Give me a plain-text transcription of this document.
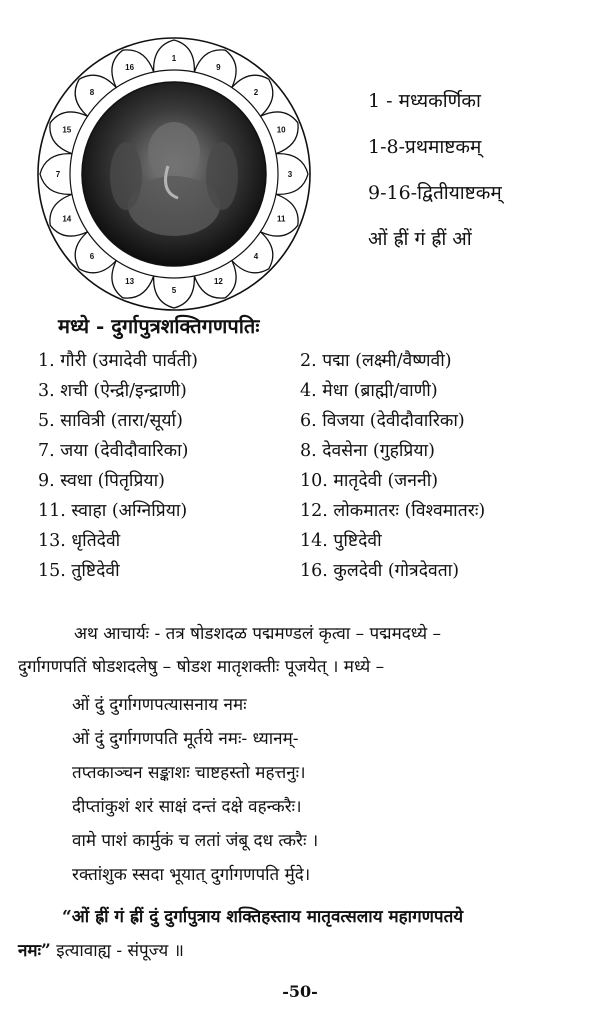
1
9
2
10
3
11
4
12
5
13
6
14
7
15
8
16
1 - मध्यकर्णिका
1-8-प्रथमाष्टकम्
9-16-द्वितीयाष्टकम्
ओं ह्रीं गं ह्रीं ओं
मध्ये - दुर्गापुत्रशक्तिगणपतिः
1. गौरी (उमादेवी पार्वती)	2. पद्मा (लक्ष्मी/वैष्णवी)
3. शची (ऐन्द्री/इन्द्राणी)	4. मेधा (ब्राह्मी/वाणी)
5. सावित्री (तारा/सूर्या)	6. विजया (देवीदौवारिका)
7. जया (देवीदौवारिका)	8. देवसेना (गुहप्रिया)
9. स्वधा (पितृप्रिया)	10. मातृदेवी (जननी)
11. स्वाहा (अग्निप्रिया)	12. लोकमातरः (विश्वमातरः)
13. धृतिदेवी	14. पुष्टिदेवी
15. तुष्टिदेवी	16. कुलदेवी (गोत्रदेवता)
अथ आचार्यः - तत्र षोडशदळ पद्ममण्डलं कृत्वा – पद्ममदध्ये –
दुर्गागणपतिं षोडशदलेषु – षोडश मातृशक्तीः पूजयेत् । मध्ये –
ओं दुं दुर्गागणपत्यासनाय नमः
ओं दुं दुर्गागणपति मूर्तये नमः- ध्यानम्-
तप्तकाञ्चन सङ्काशः चाष्टहस्तो महत्तनुः।
दीप्तांकुशं शरं साक्षं दन्तं दक्षे वहन्करैः।
वामे पाशं कार्मुकं च लतां जंबू दध त्करैः ।
रक्तांशुक स्सदा भूयात् दुर्गागणपति र्मुदे।
“ओं ह्रीं गं ह्रीं दुं दुर्गापुत्राय शक्तिहस्ताय मातृवत्सलाय महागणपतये
नमः” इत्यावाह्य - संपूज्य ॥
-50-
